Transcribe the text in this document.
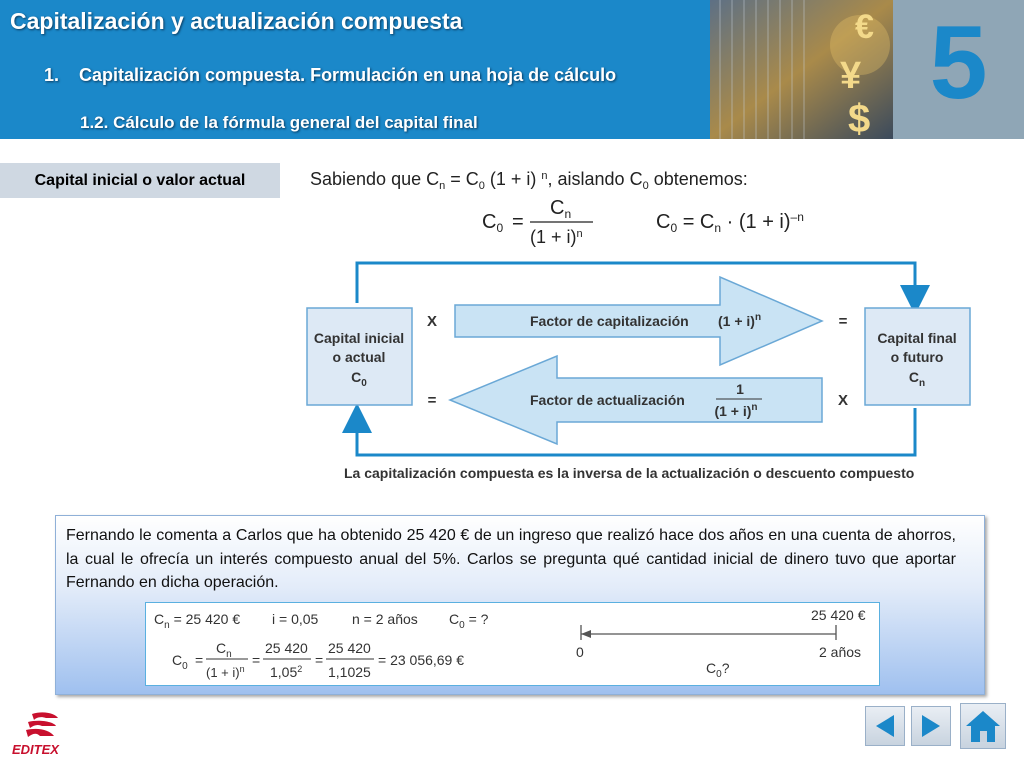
€
¥
$ 5
Capitalización y actualización compuesta
1. Capitalización compuesta. Formulación en una hoja de cálculo
1.2. Cálculo de la fórmula general del capital final
Capital inicial o valor actual	Sabiendo que $C_n = C_0$ (1 + i) $^n$, aislando $C_0$ obtenemos:
$C_0$ =
$C_n$
$(1 + i)^n$
$C_0 = C_n \cdot (1 + i)^{-n}$
Capital inicial
o actual
$C_0$
Capital final
o futuro
$C_n$
Factor de capitalización $(1 + i)^n$
Factor de actualización
1
$(1 + i)^n$
X	=
=	X
La capitalización compuesta es la inversa de la actualización o descuento compuesto
Fernando le comenta a Carlos que ha obtenido 25 420 € de un ingreso que realizó hace dos años en una cuenta de ahorros, la cual le ofrecía un interés compuesto anual del 5%. Carlos se pregunta qué cantidad inicial de dinero tuvo que aportar Fernando en dicha operación.
$C_n = 25$ 420 € i = 0,05 n = 2 años $C_0$ = ?
$C_0$ =
$C_n$
$(1 + i)^n$
=
25 420
$1,05^2$
=
25 420
1,1025
= 23 056,69 €
25 420 €
0	2 años
$C_0$?
EDITEX
